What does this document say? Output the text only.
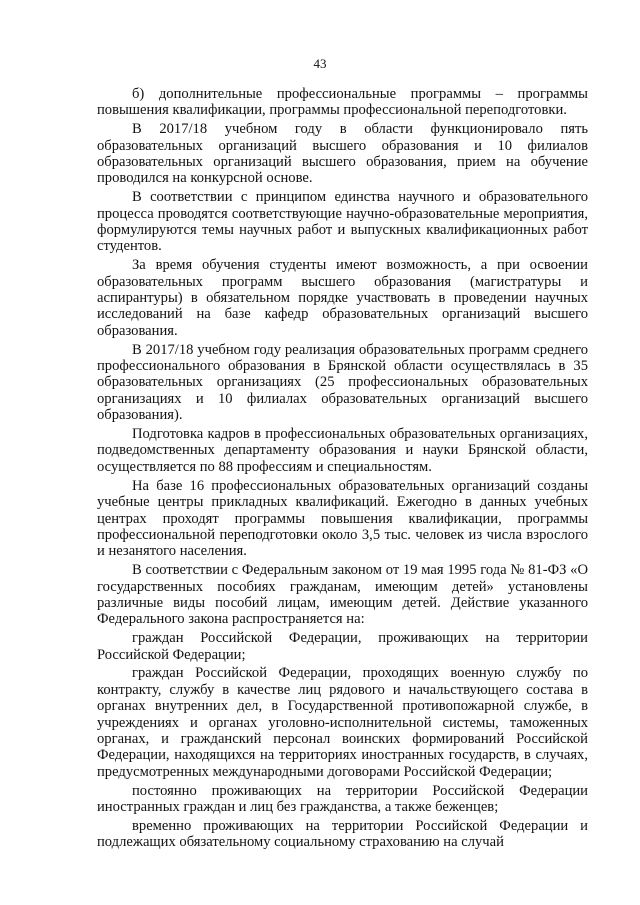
43

б) дополнительные профессиональные программы – программы повышения квалификации, программы профессиональной переподготовки.

В 2017/18 учебном году в области функционировало пять образовательных организаций высшего образования и 10 филиалов образовательных организаций высшего образования, прием на обучение проводился на конкурсной основе.

В соответствии с принципом единства научного и образовательного процесса проводятся соответствующие научно-образовательные мероприятия, формулируются темы научных работ и выпускных квалификационных работ студентов.

За время обучения студенты имеют возможность, а при освоении образовательных программ высшего образования (магистратуры и аспирантуры) в обязательном порядке участвовать в проведении научных исследований на базе кафедр образовательных организаций высшего образования.

В 2017/18 учебном году реализация образовательных программ среднего профессионального образования в Брянской области осуществлялась в 35 образовательных организациях (25 профессиональных образовательных организациях и 10 филиалах образовательных организаций высшего образования).

Подготовка кадров в профессиональных образовательных организациях, подведомственных департаменту образования и науки Брянской области, осуществляется по 88 профессиям и специальностям.

На базе 16 профессиональных образовательных организаций созданы учебные центры прикладных квалификаций. Ежегодно в данных учебных центрах проходят программы повышения квалификации, программы профессиональной переподготовки около 3,5 тыс. человек из числа взрослого и незанятого населения.

В соответствии с Федеральным законом от 19 мая 1995 года № 81-ФЗ «О государственных пособиях гражданам, имеющим детей» установлены различные виды пособий лицам, имеющим детей. Действие указанного Федерального закона распространяется на:

граждан Российской Федерации, проживающих на территории Российской Федерации;

граждан Российской Федерации, проходящих военную службу по контракту, службу в качестве лиц рядового и начальствующего состава в органах внутренних дел, в Государственной противопожарной службе, в учреждениях и органах уголовно-исполнительной системы, таможенных органах, и гражданский персонал воинских формирований Российской Федерации, находящихся на территориях иностранных государств, в случаях, предусмотренных международными договорами Российской Федерации;

постоянно проживающих на территории Российской Федерации иностранных граждан и лиц без гражданства, а также беженцев;

временно проживающих на территории Российской Федерации и подлежащих обязательному социальному страхованию на случай
